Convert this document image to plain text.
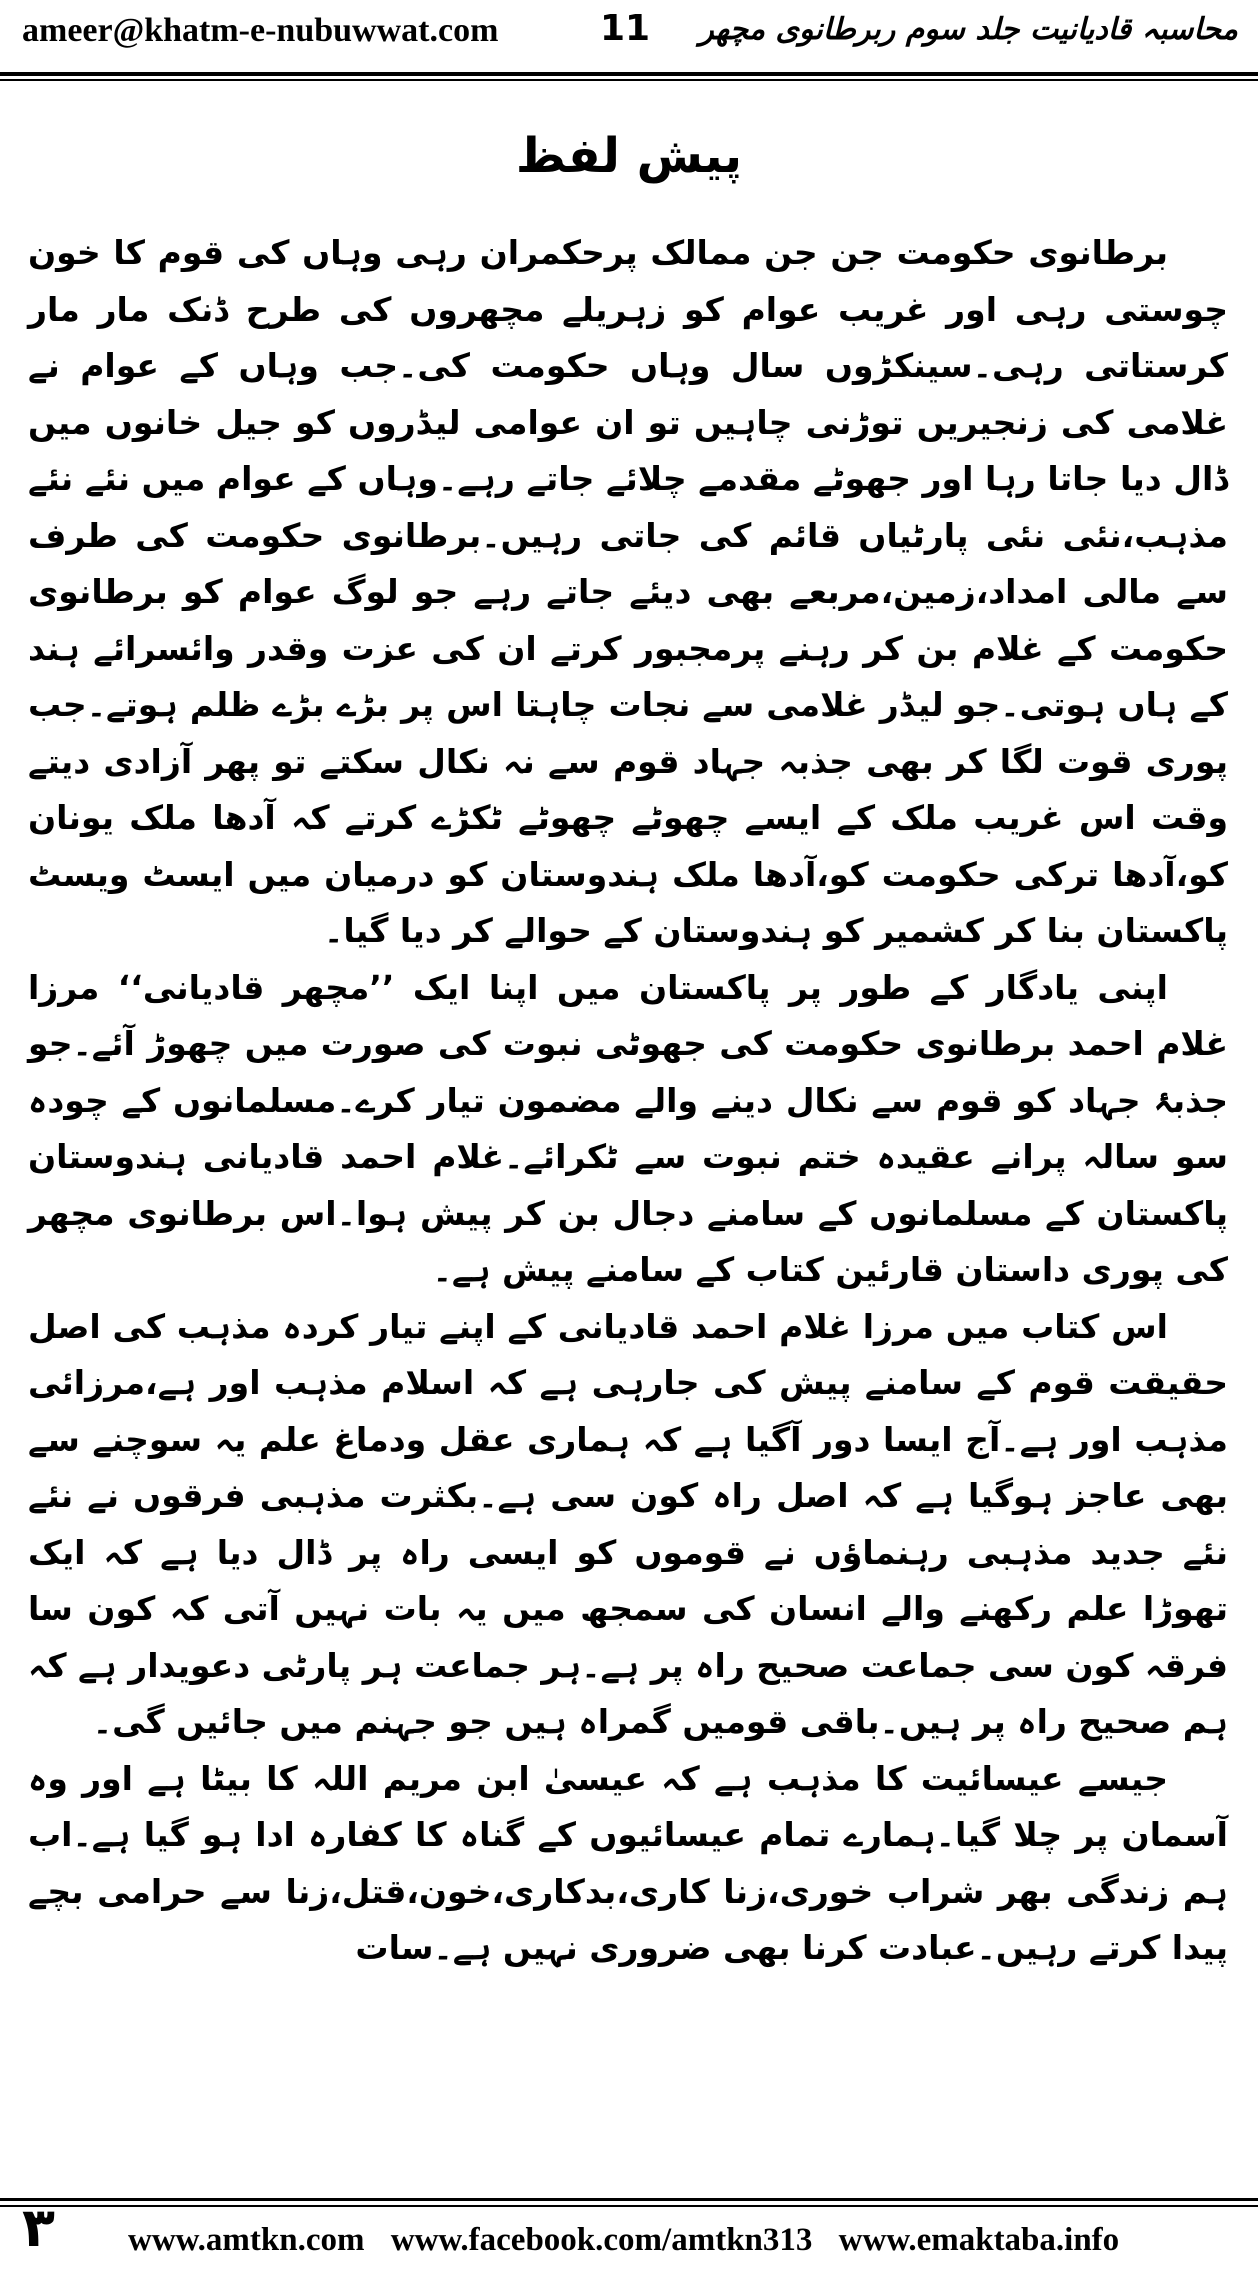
ameer@khatm-e-nubuwwat.com	11 محاسبہ قادیانیت جلد سوم ربرطانوی مچھر
پیش لفظ

برطانوی حکومت جن جن ممالک پرحکمران رہی وہاں کی قوم کا خون چوستی رہی اور غریب عوام کو زہریلے مچھروں کی طرح ڈنک مار مار کرستاتی رہی۔سینکڑوں سال وہاں حکومت کی۔جب وہاں کے عوام نے غلامی کی زنجیریں توڑنی چاہیں تو ان عوامی لیڈروں کو جیل خانوں میں ڈال دیا جاتا رہا اور جھوٹے مقدمے چلائے جاتے رہے۔وہاں کے عوام میں نئے نئے مذہب،نئی نئی پارٹیاں قائم کی جاتی رہیں۔برطانوی حکومت کی طرف سے مالی امداد،زمین،مربعے بھی دیئے جاتے رہے جو لوگ عوام کو برطانوی حکومت کے غلام بن کر رہنے پرمجبور کرتے ان کی عزت وقدر وائسرائے ہند کے ہاں ہوتی۔جو لیڈر غلامی سے نجات چاہتا اس پر بڑے بڑے ظلم ہوتے۔جب پوری قوت لگا کر بھی جذبہ جہاد قوم سے نہ نکال سکتے تو پھر آزادی دیتے وقت اس غریب ملک کے ایسے چھوٹے چھوٹے ٹکڑے کرتے کہ آدھا ملک یونان کو،آدھا ترکی حکومت کو،آدھا ملک ہندوستان کو درمیان میں ایسٹ ویسٹ پاکستان بنا کر کشمیر کو ہندوستان کے حوالے کر دیا گیا۔

اپنی یادگار کے طور پر پاکستان میں اپنا ایک ’’مچھر قادیانی‘‘ مرزا غلام احمد برطانوی حکومت کی جھوٹی نبوت کی صورت میں چھوڑ آئے۔جو جذبۂ جہاد کو قوم سے نکال دینے والے مضمون تیار کرے۔مسلمانوں کے چودہ سو سالہ پرانے عقیدہ ختم نبوت سے ٹکرائے۔غلام احمد قادیانی ہندوستان پاکستان کے مسلمانوں کے سامنے دجال بن کر پیش ہوا۔اس برطانوی مچھر کی پوری داستان قارئین کتاب کے سامنے پیش ہے۔

اس کتاب میں مرزا غلام احمد قادیانی کے اپنے تیار کردہ مذہب کی اصل حقیقت قوم کے سامنے پیش کی جارہی ہے کہ اسلام مذہب اور ہے،مرزائی مذہب اور ہے۔آج ایسا دور آگیا ہے کہ ہماری عقل ودماغ علم یہ سوچنے سے بھی عاجز ہوگیا ہے کہ اصل راہ کون سی ہے۔بکثرت مذہبی فرقوں نے نئے نئے جدید مذہبی رہنماؤں نے قوموں کو ایسی راہ پر ڈال دیا ہے کہ ایک تھوڑا علم رکھنے والے انسان کی سمجھ میں یہ بات نہیں آتی کہ کون سا فرقہ کون سی جماعت صحیح راہ پر ہے۔ہر جماعت ہر پارٹی دعویدار ہے کہ ہم صحیح راہ پر ہیں۔باقی قومیں گمراہ ہیں جو جہنم میں جائیں گی۔

جیسے عیسائیت کا مذہب ہے کہ عیسیٰ ابن مریم اللہ کا بیٹا ہے اور وہ آسمان پر چلا گیا۔ہمارے تمام عیسائیوں کے گناہ کا کفارہ ادا ہو گیا ہے۔اب ہم زندگی بھر شراب خوری،زنا کاری،بدکاری،خون،قتل،زنا سے حرامی بچے پیدا کرتے رہیں۔عبادت کرنا بھی ضروری نہیں ہے۔سات

۳ www.amtkn.com www.facebook.com/amtkn313 www.emaktaba.info
